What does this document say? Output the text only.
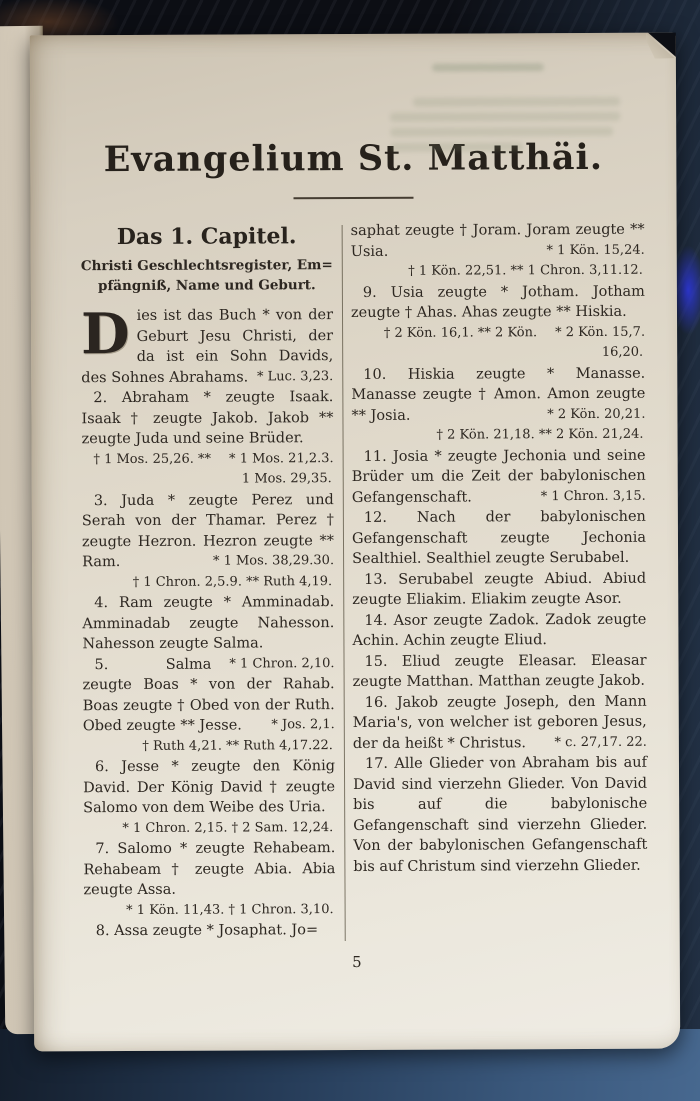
Evangelium St. Matthäi.
Das 1. Capitel.

Christi Geschlechtsregister, Em=
pfängniß, Name und Geburt.

Dies ist das Buch * von der Geburt Jesu Christi, der da ist ein Sohn Davids, des Sohnes Abrahams. * Luc. 3,23.

2. Abraham * zeugte Isaak. Isaak † zeugte Jakob. Jakob ** zeugte Juda und seine Brüder.
* 1 Mos. 21,2.3.

† 1 Mos. 25,26. ** 1 Mos. 29,35.

3. Juda * zeugte Perez und Serah von der Thamar. Perez † zeugte Hezron. Hezron zeugte ** Ram.	* 1 Mos. 38,29.30.

† 1 Chron. 2,5.9. ** Ruth 4,19.

4. Ram zeugte * Amminadab. Amminadab zeugte Nahesson. Nahesson zeugte Salma.
* 1 Chron. 2,10.

5. Salma zeugte Boas * von der Rahab. Boas zeugte † Obed von der Ruth. Obed zeugte ** Jesse.	* Jos. 2,1.

† Ruth 4,21. ** Ruth 4,17.22.

6. Jesse * zeugte den König David. Der König David † zeugte Salomo von dem Weibe des Uria.

* 1 Chron. 2,15. † 2 Sam. 12,24.

7. Salomo * zeugte Rehabeam. Rehabeam † zeugte Abia. Abia zeugte Assa.

* 1 Kön. 11,43. † 1 Chron. 3,10.

8. Assa zeugte * Josaphat. Jo=

saphat zeugte † Joram. Joram zeugte ** Usia.	* 1 Kön. 15,24.

† 1 Kön. 22,51. ** 1 Chron. 3,11.12.

9. Usia zeugte * Jotham. Jotham zeugte † Ahas. Ahas zeugte ** Hiskia.
* 2 Kön. 15,7.

† 2 Kön. 16,1. ** 2 Kön. 16,20.

10. Hiskia zeugte * Manasse. Manasse zeugte † Amon. Amon zeugte ** Josia.	* 2 Kön. 20,21.

† 2 Kön. 21,18. ** 2 Kön. 21,24.

11. Josia * zeugte Jechonia und seine Brüder um die Zeit der babylonischen Gefangenschaft.	* 1 Chron. 3,15.

12. Nach der babylonischen Gefangenschaft zeugte Jechonia Sealthiel. Sealthiel zeugte Serubabel.

13. Serubabel zeugte Abiud. Abiud zeugte Eliakim. Eliakim zeugte Asor.

14. Asor zeugte Zadok. Zadok zeugte Achin. Achin zeugte Eliud.

15. Eliud zeugte Eleasar. Eleasar zeugte Matthan. Matthan zeugte Jakob.

16. Jakob zeugte Joseph, den Mann Maria's, von welcher ist geboren Jesus, der da heißt * Christus.	* c. 27,17. 22.

17. Alle Glieder von Abraham bis auf David sind vierzehn Glieder. Von David bis auf die babylonische Gefangenschaft sind vierzehn Glieder. Von der babylonischen Gefangenschaft bis auf Christum sind vierzehn Glieder.

5
